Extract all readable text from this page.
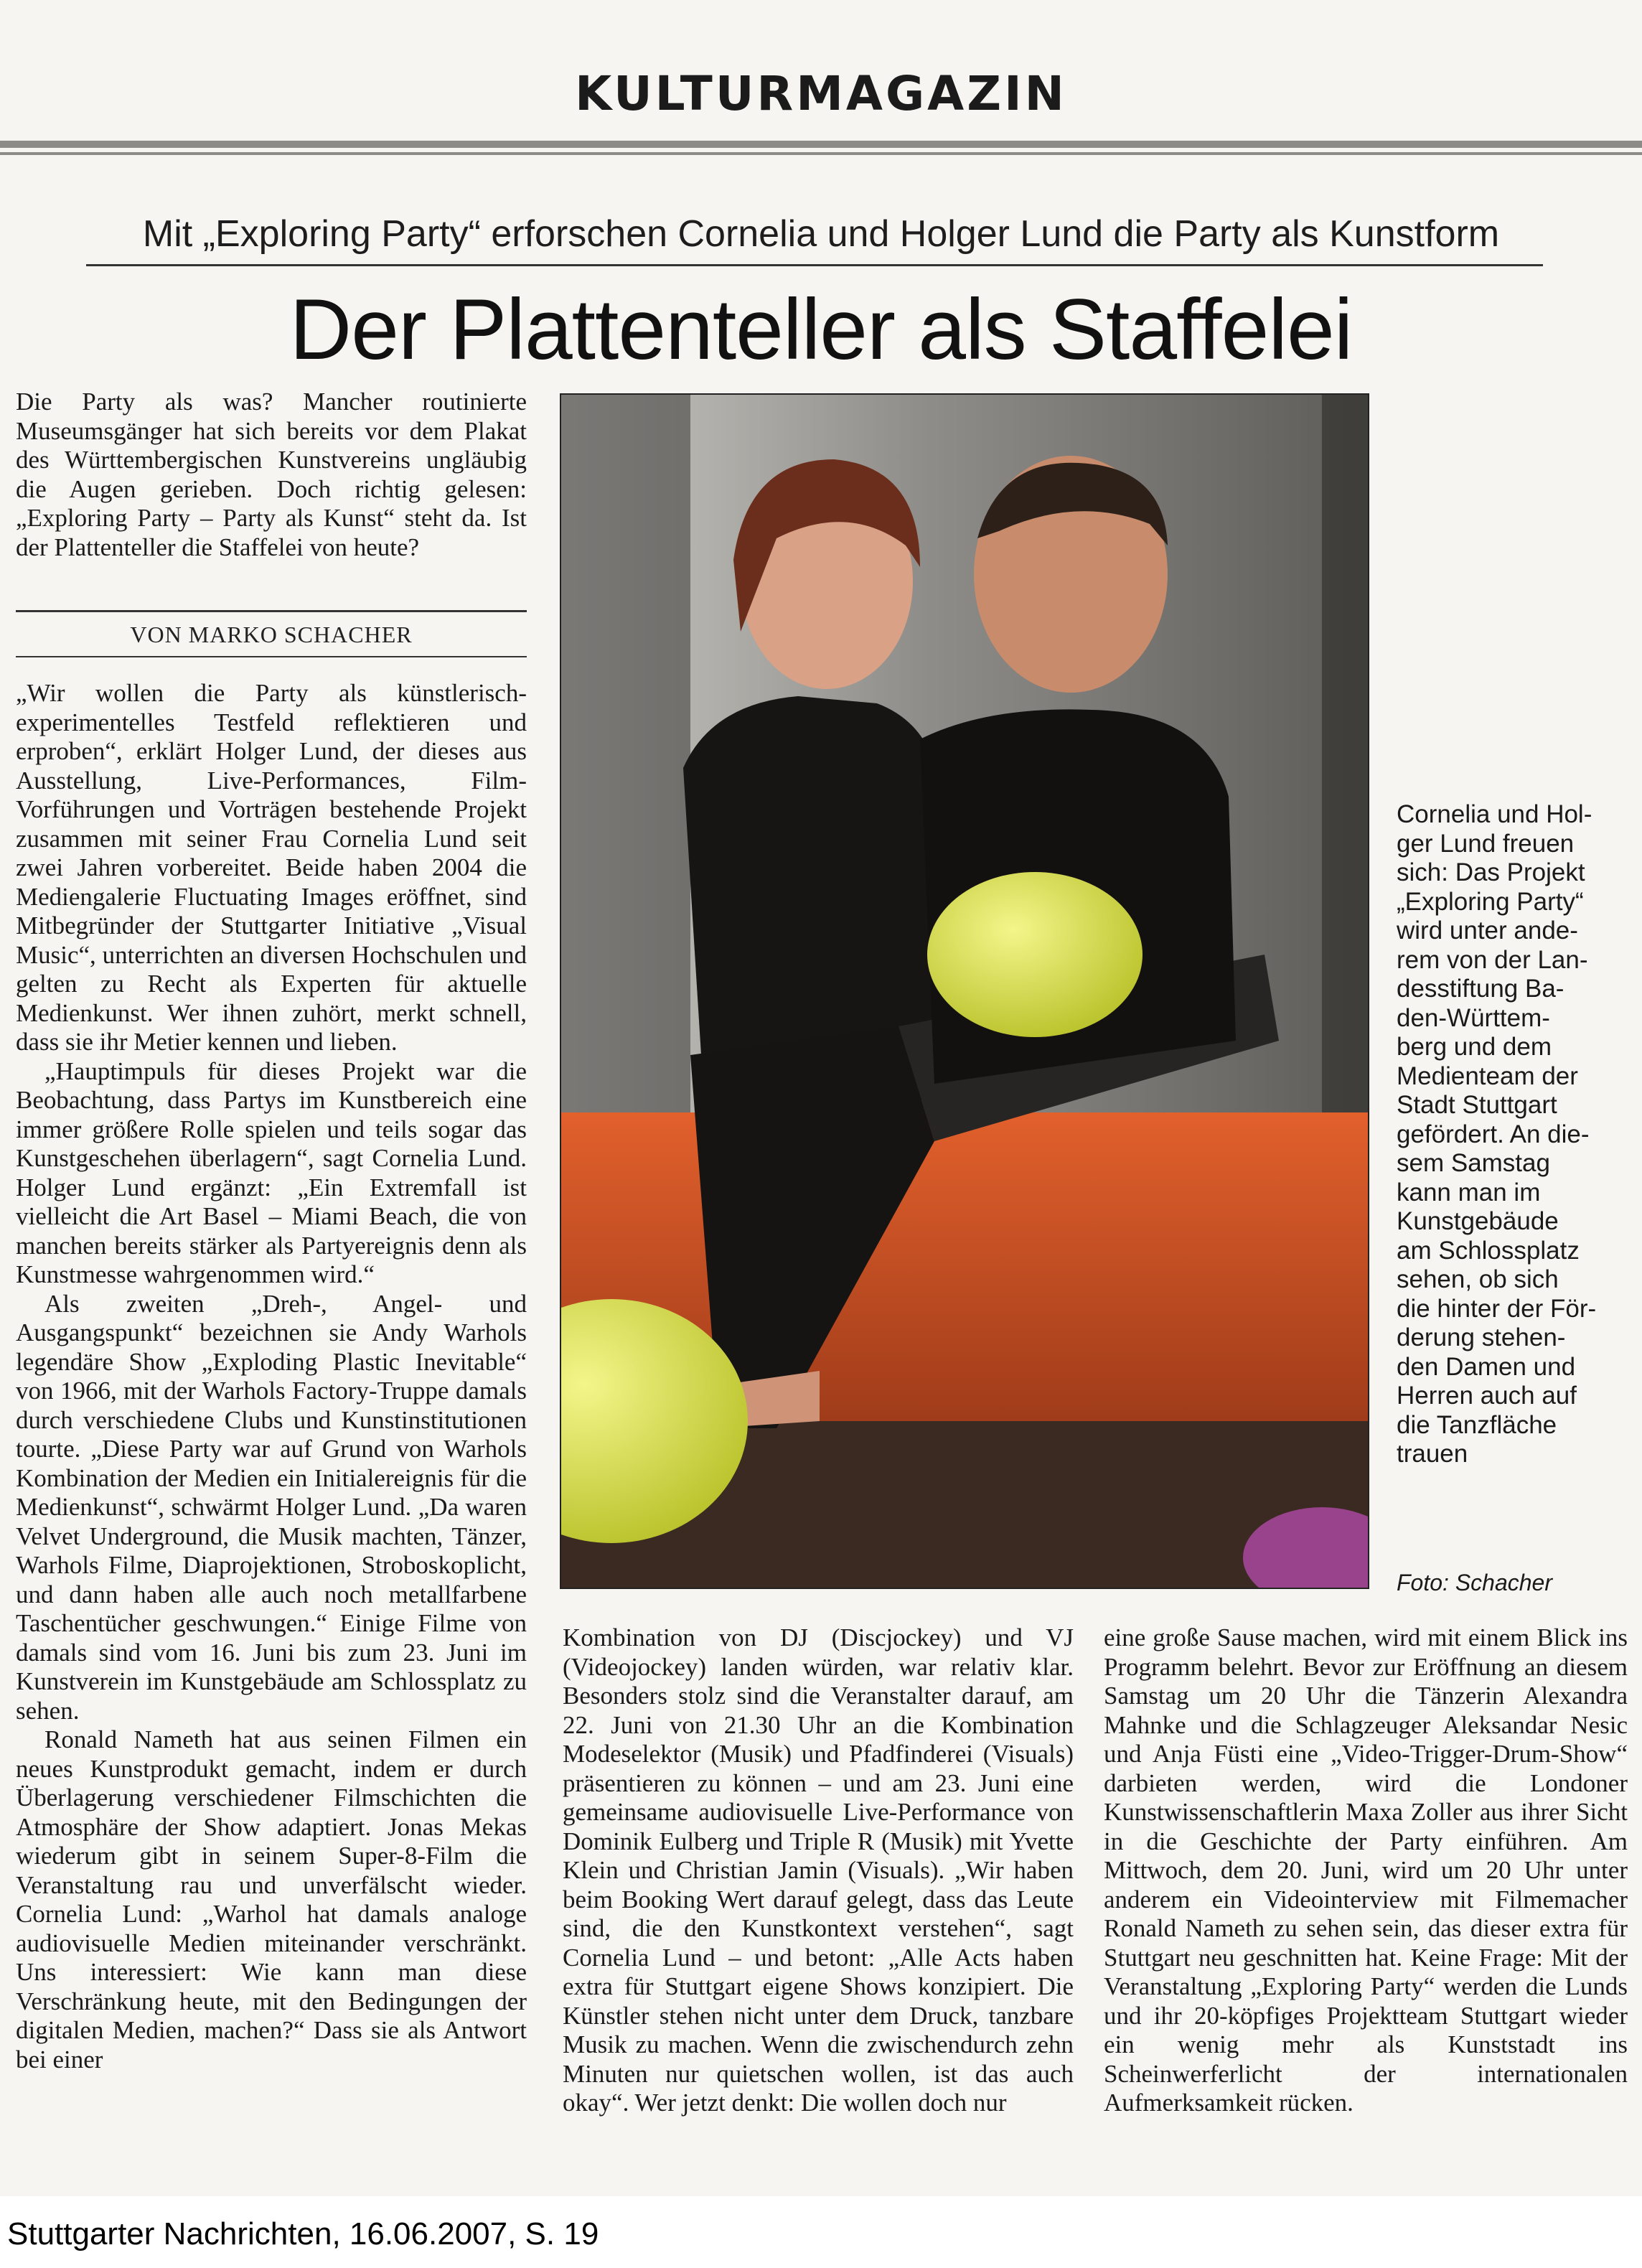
KULTURMAGAZIN
Mit „Exploring Party“ erforschen Cornelia und Holger Lund die Party als Kunstform
Der Plattenteller als Staffelei

Die Party als was? Mancher routinierte Museumsgänger hat sich bereits vor dem Plakat des Württembergischen Kunstvereins ungläubig die Augen gerieben. Doch richtig gelesen: „Exploring Party – Party als Kunst“ steht da. Ist der Plattenteller die Staffelei von heute?

VON MARKO SCHACHER

„Wir wollen die Party als künstlerisch-experimentelles Testfeld reflektieren und erproben“, erklärt Holger Lund, der dieses aus Ausstellung, Live-Performances, Film-Vorführungen und Vorträgen bestehende Projekt zusammen mit seiner Frau Cornelia Lund seit zwei Jahren vorbereitet. Beide haben 2004 die Mediengalerie Fluctuating Images eröffnet, sind Mitbegründer der Stuttgarter Initiative „Visual Music“, unterrichten an diversen Hochschulen und gelten zu Recht als Experten für aktuelle Medienkunst. Wer ihnen zuhört, merkt schnell, dass sie ihr Metier kennen und lieben.

„Hauptimpuls für dieses Projekt war die Beobachtung, dass Partys im Kunstbereich eine immer größere Rolle spielen und teils sogar das Kunstgeschehen überlagern“, sagt Cornelia Lund. Holger Lund ergänzt: „Ein Extremfall ist vielleicht die Art Basel – Miami Beach, die von manchen bereits stärker als Partyereignis denn als Kunstmesse wahrgenommen wird.“

Als zweiten „Dreh-, Angel- und Ausgangspunkt“ bezeichnen sie Andy Warhols legendäre Show „Exploding Plastic Inevitable“ von 1966, mit der Warhols Factory-Truppe damals durch verschiedene Clubs und Kunstinstitutionen tourte. „Diese Party war auf Grund von Warhols Kombination der Medien ein Initialereignis für die Medienkunst“, schwärmt Holger Lund. „Da waren Velvet Underground, die Musik machten, Tänzer, Warhols Filme, Diaprojektionen, Stroboskoplicht, und dann haben alle auch noch metallfarbene Taschentücher geschwungen.“ Einige Filme von damals sind vom 16. Juni bis zum 23. Juni im Kunstverein im Kunstgebäude am Schlossplatz zu sehen.

Ronald Nameth hat aus seinen Filmen ein neues Kunstprodukt gemacht, indem er durch Überlagerung verschiedener Filmschichten die Atmosphäre der Show adaptiert. Jonas Mekas wiederum gibt in seinem Super-8-Film die Veranstaltung rau und unverfälscht wieder. Cornelia Lund: „Warhol hat damals analoge audiovisuelle Medien miteinander verschränkt. Uns interessiert: Wie kann man diese Verschränkung heute, mit den Bedingungen der digitalen Medien, machen?“ Dass sie als Antwort bei einer

Cornelia und Hol-
ger Lund freuen
sich: Das Projekt
„Exploring Party“
wird unter ande-
rem von der Lan-
desstiftung Ba-
den-Württem-
berg und dem
Medienteam der
Stadt Stuttgart
gefördert. An die-
sem Samstag
kann man im
Kunstgebäude
am Schlossplatz
sehen, ob sich
die hinter der För-
derung stehen-
den Damen und
Herren auch auf
die Tanzfläche
trauen
Foto: Schacher

Kombination von DJ (Discjockey) und VJ (Videojockey) landen würden, war relativ klar. Besonders stolz sind die Veranstalter darauf, am 22. Juni von 21.30 Uhr an die Kombination Modeselektor (Musik) und Pfadfinderei (Visuals) präsentieren zu können – und am 23. Juni eine gemeinsame audiovisuelle Live-Performance von Dominik Eulberg und Triple R (Musik) mit Yvette Klein und Christian Jamin (Visuals). „Wir haben beim Booking Wert darauf gelegt, dass das Leute sind, die den Kunstkontext verstehen“, sagt Cornelia Lund – und betont: „Alle Acts haben extra für Stuttgart eigene Shows konzipiert. Die Künstler stehen nicht unter dem Druck, tanzbare Musik zu machen. Wenn die zwischendurch zehn Minuten nur quietschen wollen, ist das auch okay“. Wer jetzt denkt: Die wollen doch nur

eine große Sause machen, wird mit einem Blick ins Programm belehrt. Bevor zur Eröffnung an diesem Samstag um 20 Uhr die Tänzerin Alexandra Mahnke und die Schlagzeuger Aleksandar Nesic und Anja Füsti eine „Video-Trigger-Drum-Show“ darbieten werden, wird die Londoner Kunstwissenschaftlerin Maxa Zoller aus ihrer Sicht in die Geschichte der Party einführen. Am Mittwoch, dem 20. Juni, wird um 20 Uhr unter anderem ein Videointerview mit Filmemacher Ronald Nameth zu sehen sein, das dieser extra für Stuttgart neu geschnitten hat. Keine Frage: Mit der Veranstaltung „Exploring Party“ werden die Lunds und ihr 20-köpfiges Projektteam Stuttgart wieder ein wenig mehr als Kunststadt ins Scheinwerferlicht der internationalen Aufmerksamkeit rücken.

Stuttgarter Nachrichten, 16.06.2007, S. 19
